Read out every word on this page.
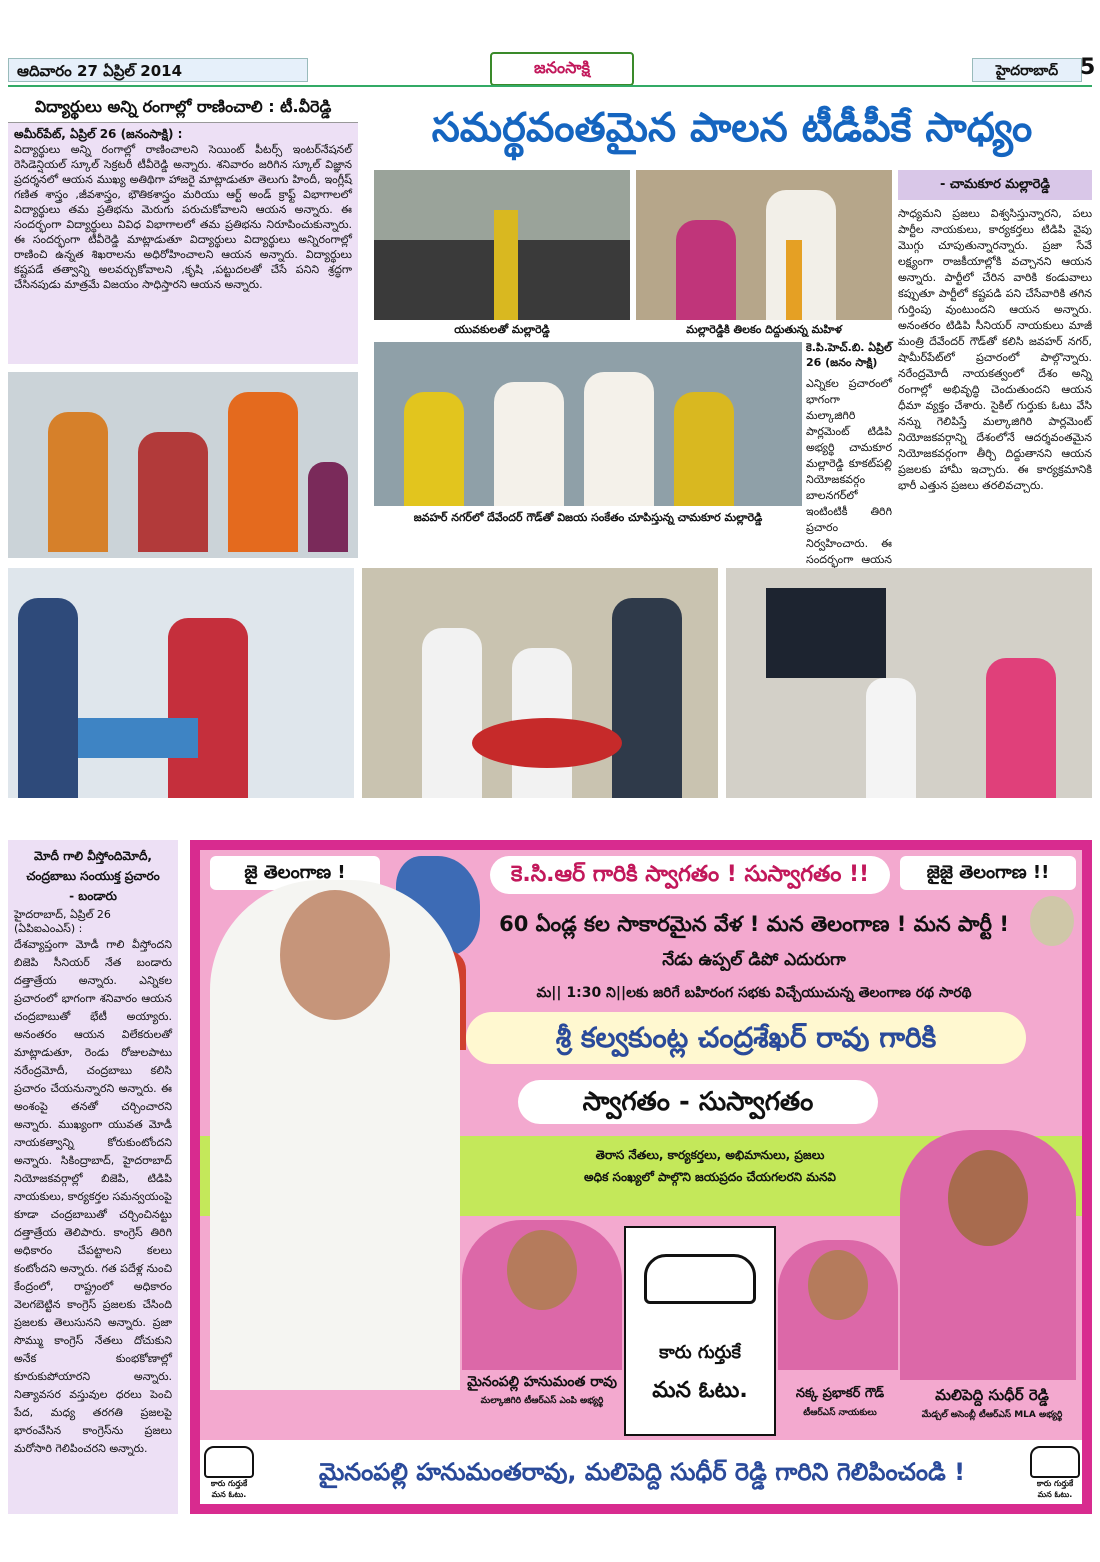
ఆదివారం 27 ఏప్రిల్ 2014	జనంసాక్షి	హైదరాబాద్ 5
విద్యార్థులు అన్ని రంగాల్లో రాణించాలి : టీ.వీరెడ్డి
అమీర్‌పేట్, ఏప్రిల్ 26 (జనంసాక్షి) :
విద్యార్థులు అన్ని రంగాల్లో రాణించాలని సెయింట్ పీటర్స్ ఇంటర్‌నేషనల్ రెసిడెన్షియల్ స్కూల్ సెక్రటరీ టీవీరెడ్డి అన్నారు. శనివారం జరిగిన స్కూల్ విజ్ఞాన ప్రదర్శనలో ఆయన ముఖ్య అతిథిగా హాజరై మాట్లాడుతూ తెలుగు హిందీ, ఇంగ్లీష్ గణిత శాస్త్రం ,జీవశాస్త్రం, భౌతికశాస్త్రం మరియు ఆర్ట్ అండ్ క్రాఫ్ట్ విభాగాలలో విద్యార్థులు తమ ప్రతిభను మెరుగు పరుచుకోవాలని ఆయన అన్నారు. ఈ సందర్భంగా విద్యార్థులు వివిధ విభాగాలలో తమ ప్రతిభను నిరూపించుకున్నారు. ఈ సందర్భంగా టీవీరెడ్డి మాట్లాడుతూ విద్యార్థులు విద్యార్థులు అన్నిరంగాల్లో రాణించి ఉన్నత శిఖరాలను అధిరోహించాలని ఆయన అన్నారు. విద్యార్థులు కష్టపడే తత్వాన్ని అలవర్చుకోవాలని ,కృషి ,పట్టుదలతో చేసే పనిని శ్రద్ధగా చేసినపుడు మాత్రమే విజయం సాధిస్తారని ఆయన అన్నారు.
సమర్థవంతమైన పాలన టీడీపీకే సాధ్యం
యువకులతో మల్లారెడ్డి	మల్లారెడ్డికి తిలకం దిద్దుతున్న మహిళ
జవహర్ నగర్‌లో దేవేందర్ గౌడ్‌తో విజయ సంకేతం చూపిస్తున్న చామకూర మల్లారెడ్డి
కె.పి.హెచ్.బి. ఏప్రిల్ 26 (జనం సాక్షి)
ఎన్నికల ప్రచారంలో భాగంగా మల్కాజిగిరి పార్లమెంట్ టిడిపి అభ్యర్థి చామకూర మల్లారెడ్డి కూకట్‌పల్లి నియోజకవర్గం బాలనగర్‌లో ఇంటింటికీ తిరిగి ప్రచారం నిర్వహించారు. ఈ సందర్భంగా ఆయన
- చామకూర మల్లారెడ్డి
సాధ్యమని ప్రజలు విశ్వసిస్తున్నారని, పలు పార్టీల నాయకులు, కార్యకర్తలు టిడిపి వైపు మొగ్గు చూపుతున్నారన్నారు. ప్రజా సేవే లక్ష్యంగా రాజకీయాల్లోకి వచ్చానని ఆయన అన్నారు. పార్టీలో చేరిన వారికి కండువాలు కప్పుతూ పార్టీలో కష్టపడి పని చేసేవారికి తగిన గుర్తింపు వుంటుందని ఆయన అన్నారు. అనంతరం టిడిపి సీనియర్ నాయకులు మాజీ మంత్రి దేవేందర్ గౌడ్‌తో కలిసి జవహర్ నగర్, షామీర్‌పేట్‌లో ప్రచారంలో పాల్గొన్నారు. నరేంద్రమోదీ నాయకత్వంలో దేశం అన్ని రంగాల్లో అభివృద్ధి చెందుతుందని ఆయన ధీమా వ్యక్తం చేశారు. సైకిల్ గుర్తుకు ఓటు వేసి నన్ను గెలిపిస్తే మల్కాజిగిరి పార్లమెంట్ నియోజకవర్గాన్ని దేశంలోనే ఆదర్శవంతమైన నియోజకవర్గంగా తీర్చి దిద్దుతానని ఆయన ప్రజలకు హామీ ఇచ్చారు. ఈ కార్యక్రమానికి భారీ ఎత్తున ప్రజలు తరలివచ్చారు.
మోదీ గాలి వీస్తోందిమోదీ,
చంద్రబాబు సంయుక్త ప్రచారం
- బండారు
హైదరాబాద్, ఏప్రిల్ 26 (ఏపిఐఎంఎస్) :
దేశవ్యాప్తంగా మోడీ గాలి వీస్తోందని బిజెపి సీనియర్ నేత బండారు దత్తాత్రేయ అన్నారు. ఎన్నికల ప్రచారంలో భాగంగా శనివారం ఆయన చంద్రబాబుతో భేటీ అయ్యారు. అనంతరం ఆయన విలేకరులతో మాట్లాడుతూ, రెండు రోజులపాటు నరేంద్రమోదీ, చంద్రబాబు కలిసి ప్రచారం చేయనున్నారని అన్నారు. ఈ అంశంపై తనతో చర్చించారని అన్నారు. ముఖ్యంగా యువత మోడీ నాయకత్వాన్ని కోరుకుంటోందని అన్నారు. సికింద్రాబాద్, హైదరాబాద్ నియోజకవర్గాల్లో బిజెపి, టిడిపి నాయకులు, కార్యకర్తల సమన్వయంపై కూడా చంద్రబాబుతో చర్చించినట్టు దత్తాత్రేయ తెలిపారు. కాంగ్రెస్ తిరిగి అధికారం చేపట్టాలని కలలు కంటోందని అన్నారు. గత పదేళ్ల నుంచి కేంద్రంలో, రాష్ట్రంలో అధికారం వెలగబెట్టిన కాంగ్రెస్ ప్రజలకు చేసింది ప్రజలకు తెలుసునని అన్నారు. ప్రజా సొమ్ము కాంగ్రెస్ నేతలు దోచుకుని అనేక కుంభకోణాల్లో కూరుకుపోయారని అన్నారు. నిత్యావసర వస్తువుల ధరలు పెంచి పేద, మధ్య తరగతి ప్రజలపై భారంవేసిన కాంగ్రెస్‌ను ప్రజలు మరోసారి గెలిపించరని అన్నారు.
జై తెలంగాణ !	జైజై తెలంగాణ !!
కె.సి.ఆర్ గారికి స్వాగతం ! సుస్వాగతం !!
60 ఏండ్ల కల సాకారమైన వేళ ! మన తెలంగాణ ! మన పార్టీ !
నేడు ఉప్పల్ డిపో ఎదురుగా
మ|| 1:30 ని||లకు జరిగే బహిరంగ సభకు విచ్చేయుచున్న తెలంగాణ రథ సారథి
శ్రీ కల్వకుంట్ల చంద్రశేఖర్ రావు గారికి
స్వాగతం - సుస్వాగతం
తెరాస నేతలు, కార్యకర్తలు, అభిమానులు, ప్రజలు
అధిక సంఖ్యలో పాల్గొని జయప్రదం చేయగలరని మనవి
కారు గుర్తుకే
మన ఓటు.
మైనంపల్లి హనుమంత రావు
మల్కాజిగిరి టీఆర్ఎస్ ఎంపి అభ్యర్థి	నక్క ప్రభాకర్ గౌడ్
టీఆర్ఎస్ నాయకులు
మలిపెద్ది సుధీర్ రెడ్డి
మేడ్చల్ అసెంబ్లీ టీఆర్ఎస్ MLA అభ్యర్థి
కారు గుర్తుకే
మన ఓటు.
మైనంపల్లి హనుమంతరావు, మలిపెద్ది సుధీర్ రెడ్డి గారిని గెలిపించండి !	కారు గుర్తుకే
మన ఓటు.
